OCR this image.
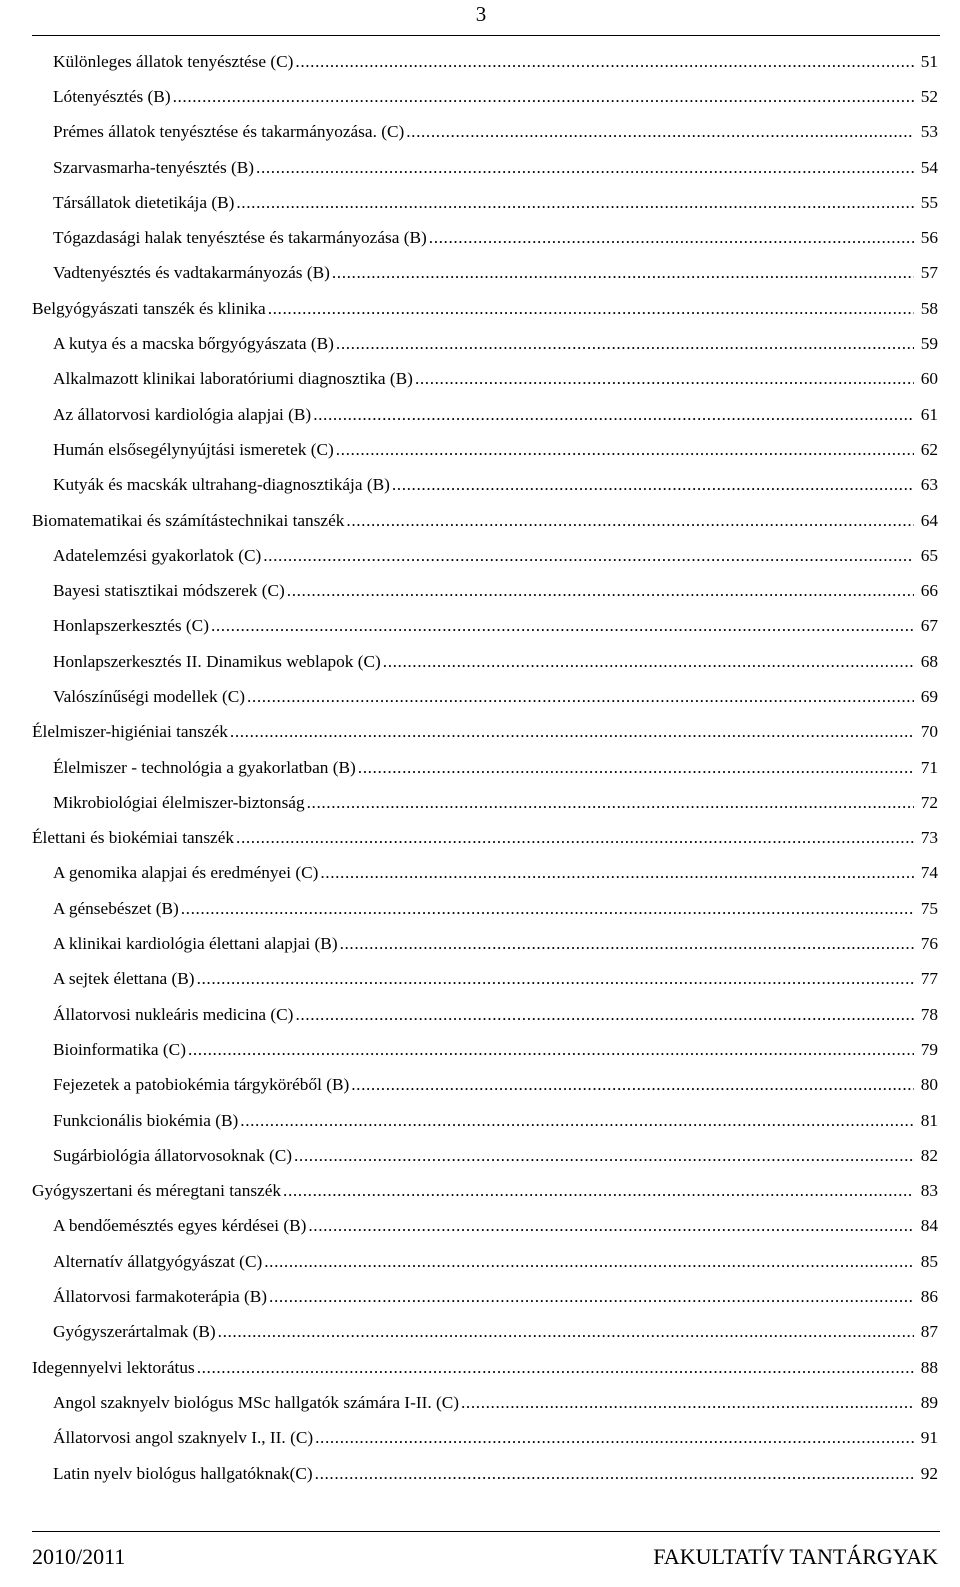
3
Különleges állatok tenyésztése (C) .....	51
Lótenyésztés (B) .....	52
Prémes állatok tenyésztése és takarmányozása. (C) .....	53
Szarvasmarha-tenyésztés (B) .....	54
Társállatok dietetikája (B) .....	55
Tógazdasági halak tenyésztése és takarmányozása (B) .....	56
Vadtenyésztés és vadtakarmányozás (B) .....	57
Belgyógyászati tanszék és klinika .....	58
A kutya és a macska bőrgyógyászata (B) .....	59
Alkalmazott klinikai laboratóriumi diagnosztika (B) .....	60
Az állatorvosi kardiológia alapjai (B) .....	61
Humán elsősegélynyújtási ismeretek (C) .....	62
Kutyák és macskák ultrahang-diagnosztikája (B) .....	63
Biomatematikai és számítástechnikai tanszék .....	64
Adatelemzési gyakorlatok (C) .....	65
Bayesi statisztikai módszerek (C) .....	66
Honlapszerkesztés (C) .....	67
Honlapszerkesztés II. Dinamikus weblapok (C) .....	68
Valószínűségi modellek (C) .....	69
Élelmiszer-higiéniai tanszék .....	70
Élelmiszer - technológia a gyakorlatban (B) .....	71
Mikrobiológiai élelmiszer-biztonság .....	72
Élettani és biokémiai tanszék .....	73
A genomika alapjai és eredményei (C) .....	74
A génsebészet (B) .....	75
A klinikai kardiológia élettani alapjai (B) .....	76
A sejtek élettana (B) .....	77
Állatorvosi nukleáris medicina (C) .....	78
Bioinformatika (C) .....	79
Fejezetek a patobiokémia tárgyköréből (B) .....	80
Funkcionális biokémia (B) .....	81
Sugárbiológia állatorvosoknak (C) .....	82
Gyógyszertani és méregtani tanszék .....	83
A bendőemésztés egyes kérdései (B) .....	84
Alternatív állatgyógyászat (C) .....	85
Állatorvosi farmakoterápia (B) .....	86
Gyógyszerártalmak (B) .....	87
Idegennyelvi lektorátus .....	88
Angol szaknyelv biológus MSc hallgatók számára I-II. (C) .....	89
Állatorvosi angol szaknyelv I., II. (C) .....	91
Latin nyelv biológus hallgatóknak(C) .....	92
2010/2011	FAKULTATÍV TANTÁRGYAK
